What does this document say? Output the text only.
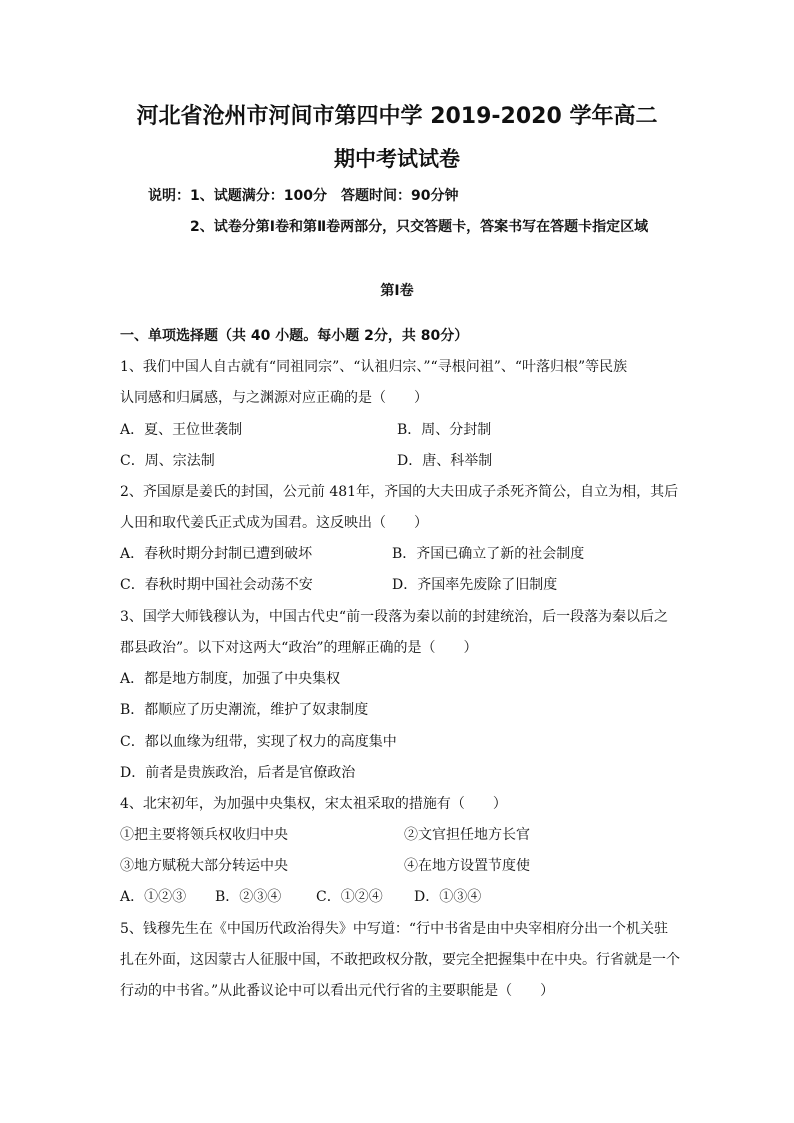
河北省沧州市河间市第四中学 2019-2020 学年高二
期中考试试卷
说明：1、试题满分：100分　答题时间：90分钟
2、试卷分第Ⅰ卷和第Ⅱ卷两部分，只交答题卡，答案书写在答题卡指定区域
第Ⅰ卷
一、单项选择题（共 40 小题。每小题 2分，共 80分）
1、我们中国人自古就有“同祖同宗”、“认祖归宗、”“寻根问祖”、“叶落归根”等民族
认同感和归属感，与之渊源对应正确的是（　　）
A．夏、王位世袭制	B．周、分封制
C．周、宗法制	D．唐、科举制
2、齐国原是姜氏的封国，公元前 481年，齐国的大夫田成子杀死齐简公，自立为相，其后
人田和取代姜氏正式成为国君。这反映出（　　）
A．春秋时期分封制已遭到破坏	B．齐国已确立了新的社会制度
C．春秋时期中国社会动荡不安	D．齐国率先废除了旧制度
3、国学大师钱穆认为，中国古代史“前一段落为秦以前的封建统治，后一段落为秦以后之
郡县政治”。以下对这两大“政治”的理解正确的是（　　）
A．都是地方制度，加强了中央集权
B．都顺应了历史潮流，维护了奴隶制度
C．都以血缘为纽带，实现了权力的高度集中
D．前者是贵族政治，后者是官僚政治
4、北宋初年，为加强中央集权，宋太祖采取的措施有（　　）
①把主要将领兵权收归中央	②文官担任地方长官
③地方赋税大部分转运中央	④在地方设置节度使
A．①②③ B．②③④ C．①②④ D．①③④
5、钱穆先生在《中国历代政治得失》中写道：“行中书省是由中央宰相府分出一个机关驻
扎在外面，这因蒙古人征服中国，不敢把政权分散，要完全把握集中在中央。行省就是一个
行动的中书省。”从此番议论中可以看出元代行省的主要职能是（　　）
